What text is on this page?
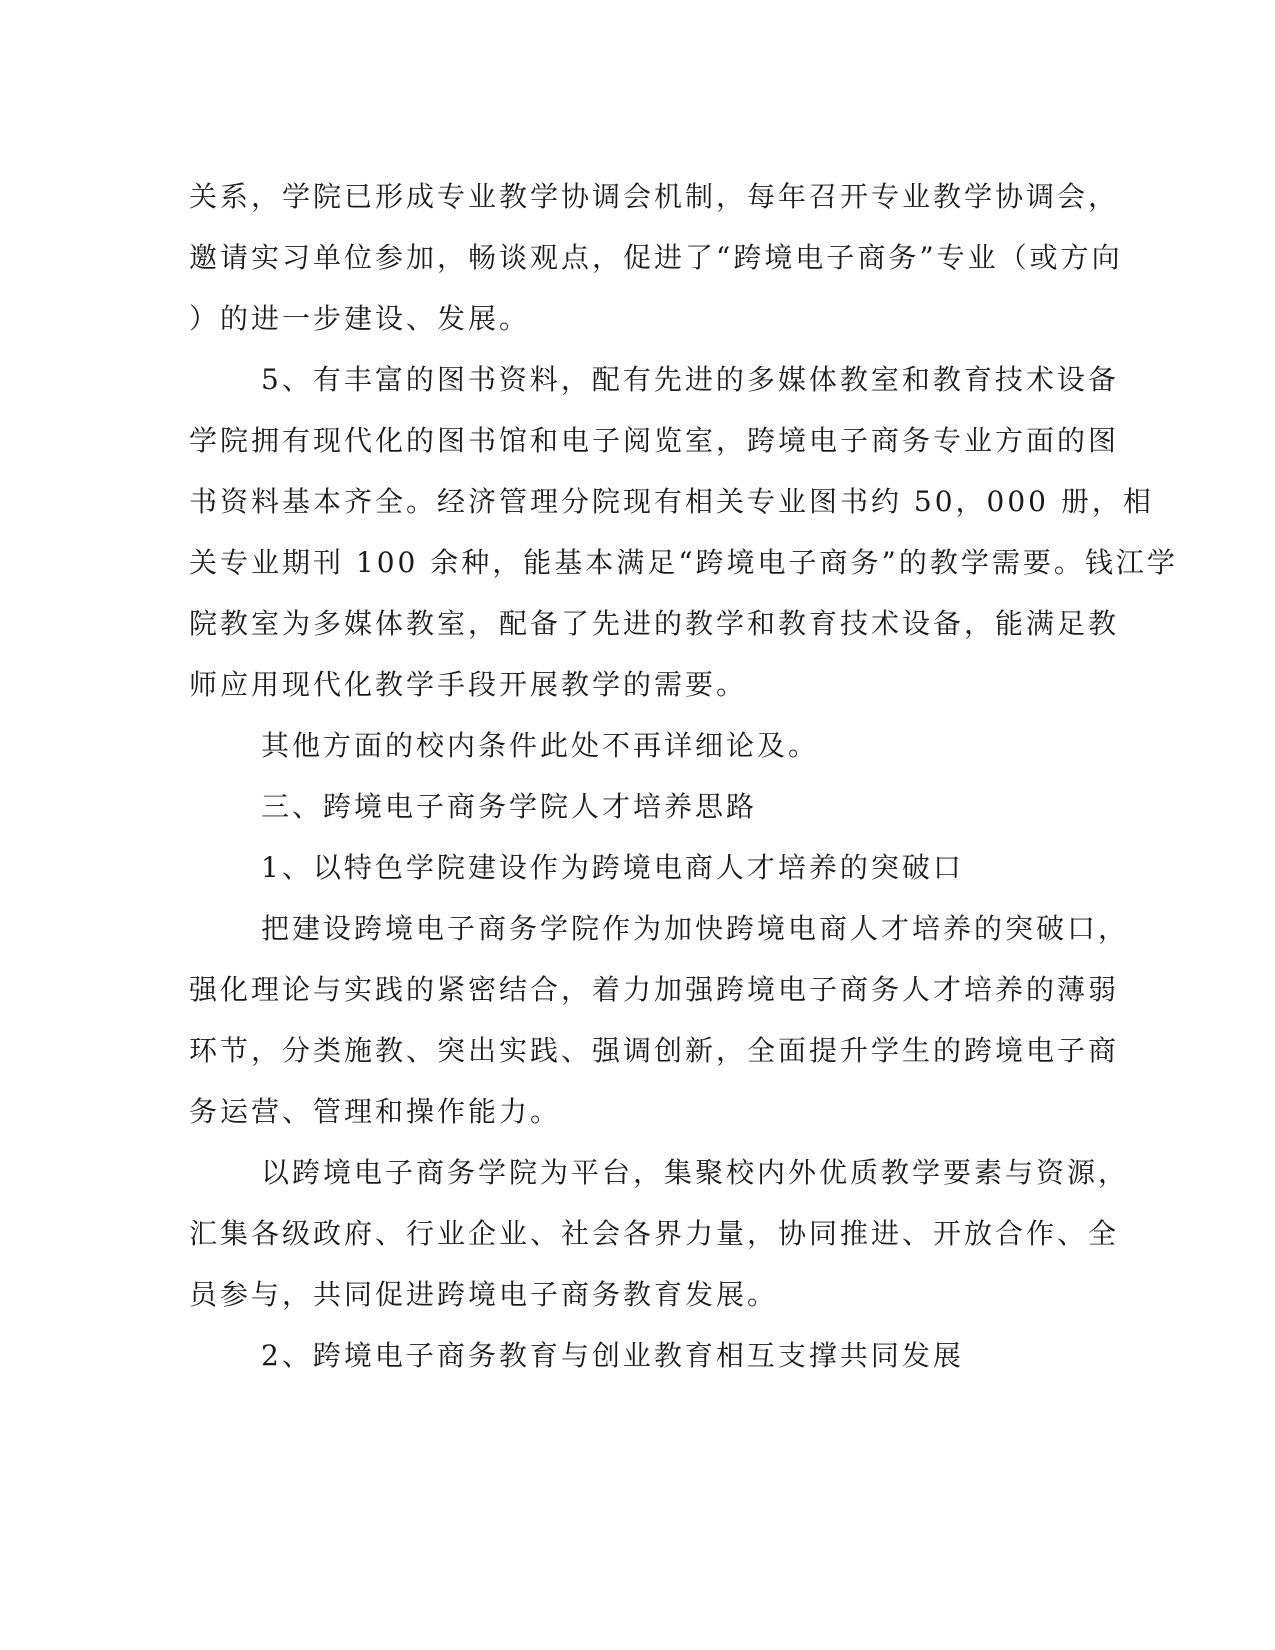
关系，学院已形成专业教学协调会机制，每年召开专业教学协调会，
邀请实习单位参加，畅谈观点，促进了“跨境电子商务”专业（或方向
）的进一步建设、发展。
5、有丰富的图书资料，配有先进的多媒体教室和教育技术设备
学院拥有现代化的图书馆和电子阅览室，跨境电子商务专业方面的图
书资料基本齐全。经济管理分院现有相关专业图书约 50，000 册，相
关专业期刊 100 余种，能基本满足“跨境电子商务”的教学需要。钱江学
院教室为多媒体教室，配备了先进的教学和教育技术设备，能满足教
师应用现代化教学手段开展教学的需要。
其他方面的校内条件此处不再详细论及。
三、跨境电子商务学院人才培养思路
1、以特色学院建设作为跨境电商人才培养的突破口
把建设跨境电子商务学院作为加快跨境电商人才培养的突破口，
强化理论与实践的紧密结合，着力加强跨境电子商务人才培养的薄弱
环节，分类施教、突出实践、强调创新，全面提升学生的跨境电子商
务运营、管理和操作能力。
以跨境电子商务学院为平台，集聚校内外优质教学要素与资源，
汇集各级政府、行业企业、社会各界力量，协同推进、开放合作、全
员参与，共同促进跨境电子商务教育发展。
2、跨境电子商务教育与创业教育相互支撑共同发展
